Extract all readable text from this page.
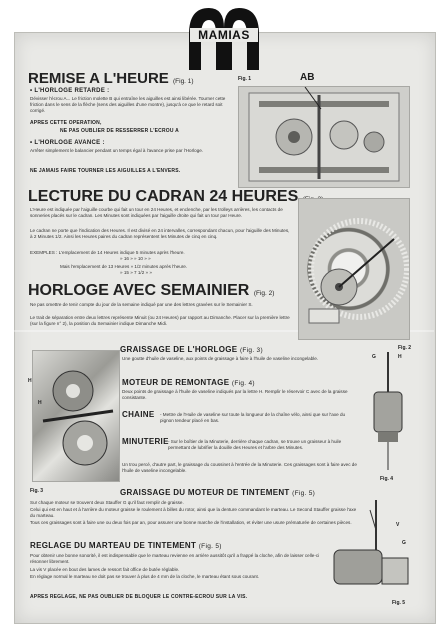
MAMIAS
REMISE A L'HEURE (Fig. 1)	Fig. 1	AB
• L'HORLOGE RETARDE :
Dévisser l'écrou A... Le friction molette B qui entraîne les aiguilles est ainsi libérée. Tourner cette friction dans le sens de la flèche (sens des aiguilles d'une montre), jusqu'à ce que le retard soit corrigé.
APRES CETTE OPERATION,
NE PAS OUBLIER DE RESSERRER L'ECROU A
• L'HORLOGE AVANCE :
Arrêter simplement le balancier pendant un temps égal à l'avance prise par l'Horloge.
NE JAMAIS FAIRE TOURNER LES AIGUILLES A L'ENVERS.
LECTURE DU CADRAN 24 HEURES
L'Heure est indiquée par l'aiguille courbe qui fait un tour en 24 Heures, et enclenche, par les trolleys arrières, les contacts de sonneries placés sur le cadran. Les Minutes sont indiquées par l'aiguille droite qui fait un tour par Heure.
Le cadran ne porte que l'indication des Heures. Il est divisé en 24 intervalles, correspondant chacun, pour l'aiguille des Minutes, à 2 Minutes 1/2. Ainsi les Heures paires du cadran représentent les Minutes de cinq en cinq.
EXEMPLES : L'emplacement de 14 Heures indique 5 minutes après l'heure.
» 16 » » 10 » »
Mais l'emplacement de 13 Heures » 1/2 minutes après l'heure.
» 15 » 7 1/2 » »
Fig. 2
HORLOGE AVEC SEMAINIER (Fig. 2)
Ne pas omettre de tenir compte du jour de la semaine indiqué par une des lettres gravées sur le Semainier S.
Le trait de séparation entre deux lettres représente Minuit (ou 24 Heures) par rapport au Dimanche. Placer sur la première lettre (sur la figure n° 2), la position du Semainier indique Dimanche Midi.
GRAISSAGE DE L'HORLOGE (Fig. 3)
Une goutte d'huile de vaseline, aux points de graissage à faire à l'huile de vaseline incongelable.
MOTEUR DE REMONTAGE (Fig. 4)
Deux points de graissage à l'huile de vaseline indiqués par la lettre H. Remplir le réservoir C avec de la graisse consistante.
CHAINE - Mettre de l'Huile de vaseline sur toute la longueur de la chaîne vélo, ainsi que sur l'axe du pignon tendeur placé en bas.
MINUTERIE - Sur le boîtier de la Minuterie, derrière chaque cadran, se trouve un graisseur à huile permettant de lubrifier la douille des Heures et l'arbre des Minutes.
Un trou percé, d'autre part, le graissage du coussinet à l'entrée de la Minuterie. Ces graissages sont à faire avec de l'huile de vaseline incongelable.
H
H
Fig. 3
G	H
Fig. 4
GRAISSAGE DU MOTEUR DE TINTEMENT (Fig. 5)
Sur chaque moteur se trouvent deux Stauffer G qu'il faut remplir de graisse.
Celui qui est en haut et à l'arrière du moteur graisse le roulement à billes du rotor, ainsi que la denture commandant le marteau. Le Second Stauffer graisse l'axe du marteau.
Tous ces graissages sont à faire une ou deux fois par an, pour assurer une bonne marche de l'installation, et éviter une usure prématurée de certaines pièces.
REGLAGE DU MARTEAU DE TINTEMENT (Fig. 5)
Pour obtenir une bonne sonorité, il est indispensable que le marteau revienne en arrière aussitôt qu'il a frappé la cloche, afin de laisser celle-ci résonner librement.
La vis V placée en bout des lames de ressort fait office de butée réglable.
En réglage normal le marteau ne doit pas se trouver à plus de 4 mm de la cloche, le marteau étant sous courant.
APRES REGLAGE, NE PAS OUBLIER DE BLOQUER LE CONTRE-ECROU SUR LA VIS.
V
G
Fig. 5
